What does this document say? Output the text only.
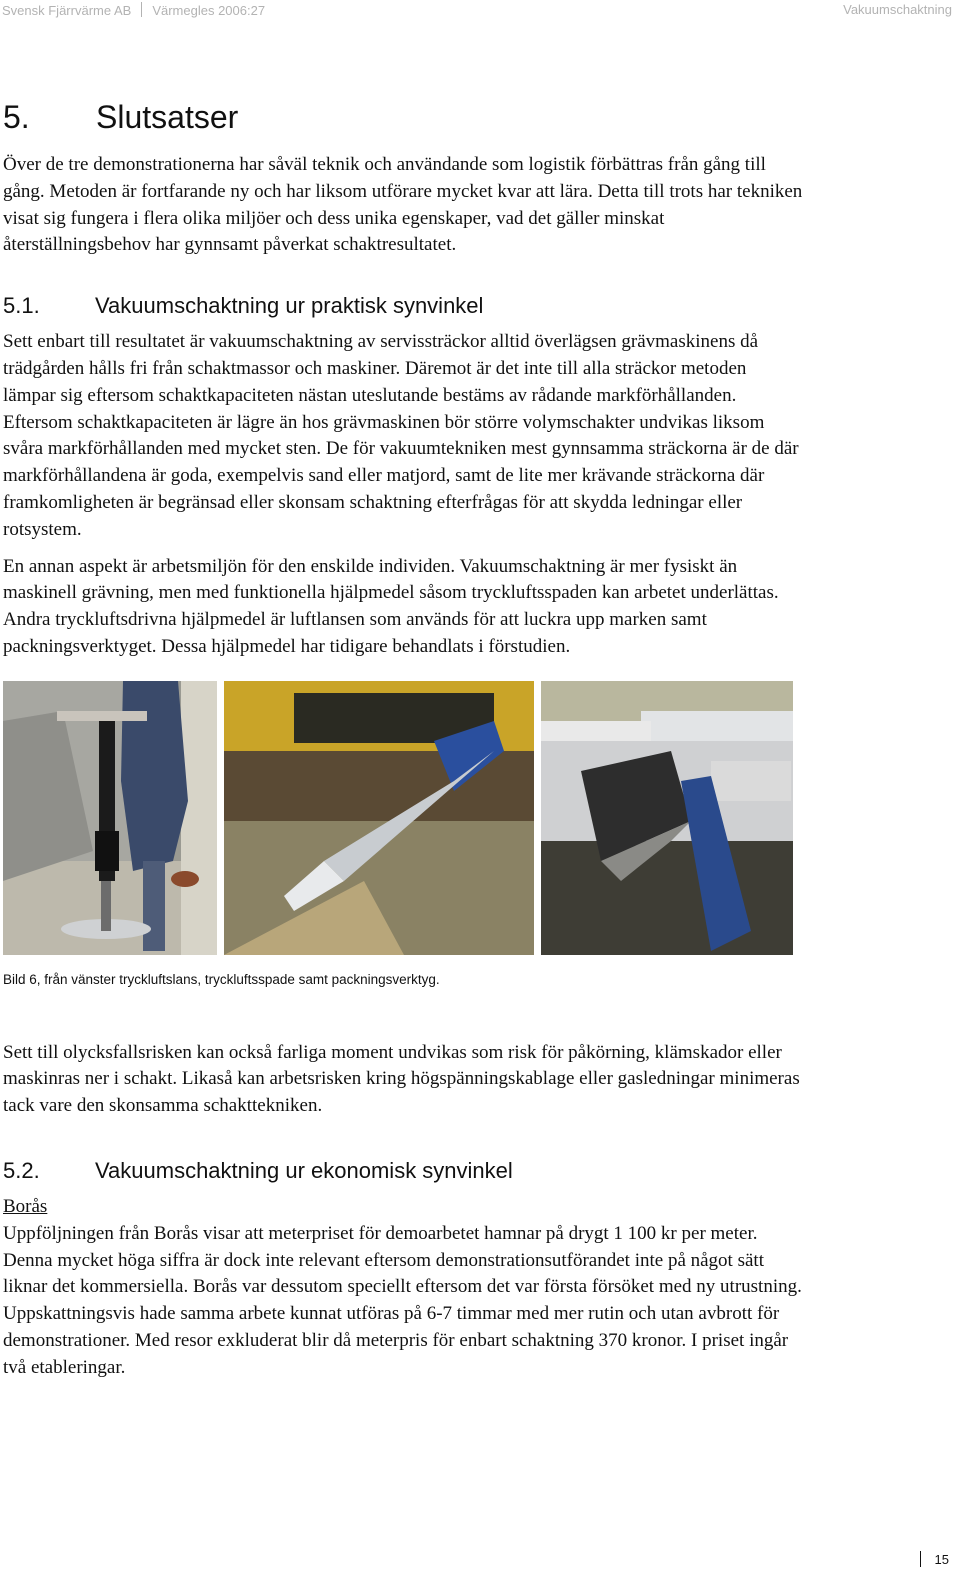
Svensk Fjärrvärme AB Värmegles 2006:27	Vakuumschaktning
5. Slutsatser

Över de tre demonstrationerna har såväl teknik och användande som logistik förbättras från gång till gång. Metoden är fortfarande ny och har liksom utförare mycket kvar att lära. Detta till trots har tekniken visat sig fungera i flera olika miljöer och dess unika egenskaper, vad det gäller minskat återställningsbehov har gynnsamt påverkat schaktresultatet.

5.1.	Vakuumschaktning ur praktisk synvinkel

Sett enbart till resultatet är vakuumschaktning av servissträckor alltid överlägsen grävmaskinens då trädgården hålls fri från schaktmassor och maskiner. Däremot är det inte till alla sträckor metoden lämpar sig eftersom schaktkapaciteten nästan uteslutande bestäms av rådande markförhållanden. Eftersom schaktkapaciteten är lägre än hos grävmaskinen bör större volymschakter undvikas liksom svåra markförhållanden med mycket sten. De för vakuumtekniken mest gynnsamma sträckorna är de där markförhållandena är goda, exempelvis sand eller matjord, samt de lite mer krävande sträckorna där framkomligheten är begränsad eller skonsam schaktning efterfrågas för att skydda ledningar eller rotsystem.

En annan aspekt är arbetsmiljön för den enskilde individen. Vakuumschaktning är mer fysiskt än maskinell grävning, men med funktionella hjälpmedel såsom tryckluftsspaden kan arbetet underlättas. Andra tryckluftsdrivna hjälpmedel är luftlansen som används för att luckra upp marken samt packningsverktyget. Dessa hjälpmedel har tidigare behandlats i förstudien.

Bild 6, från vänster tryckluftslans, tryckluftsspade samt packningsverktyg.

Sett till olycksfallsrisken kan också farliga moment undvikas som risk för påkörning, klämskador eller maskinras ner i schakt. Likaså kan arbetsrisken kring högspänningskablage eller gasledningar minimeras tack vare den skonsamma schakttekniken.

5.2.	Vakuumschaktning ur ekonomisk synvinkel

Borås

Uppföljningen från Borås visar att meterpriset för demoarbetet hamnar på drygt 1 100 kr per meter. Denna mycket höga siffra är dock inte relevant eftersom demonstrationsutförandet inte på något sätt liknar det kommersiella. Borås var dessutom speciellt eftersom det var första försöket med ny utrustning. Uppskattningsvis hade samma arbete kunnat utföras på 6-7 timmar med mer rutin och utan avbrott för demonstrationer. Med resor exkluderat blir då meterpris för enbart schaktning 370 kronor. I priset ingår två etableringar.

15
